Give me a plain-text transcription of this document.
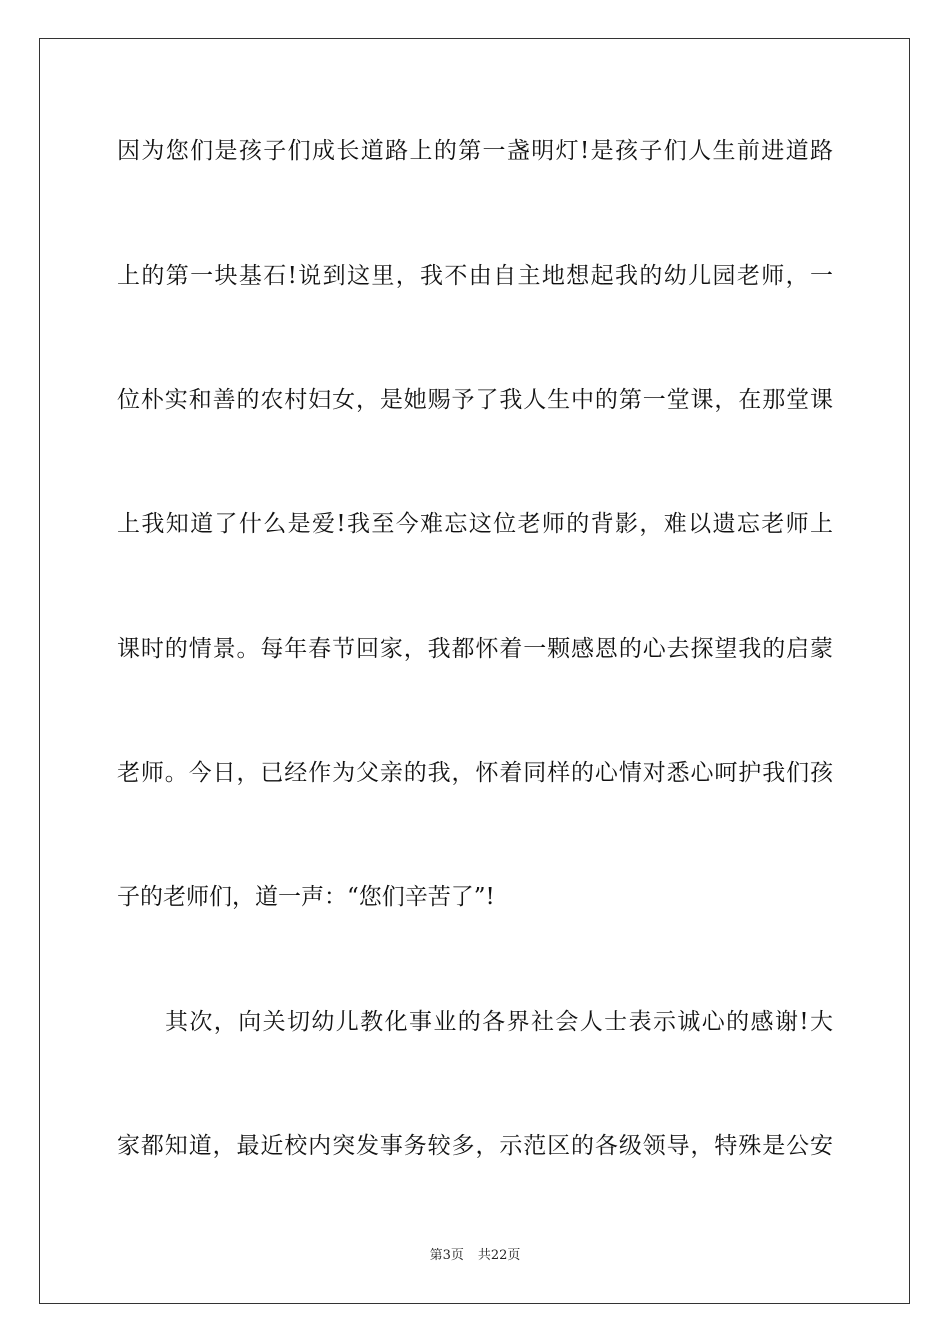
因为您们是孩子们成长道路上的第一盏明灯!是孩子们人生前进道路
上的第一块基石!说到这里，我不由自主地想起我的幼儿园老师，一
位朴实和善的农村妇女，是她赐予了我人生中的第一堂课，在那堂课
上我知道了什么是爱!我至今难忘这位老师的背影，难以遗忘老师上
课时的情景。每年春节回家，我都怀着一颗感恩的心去探望我的启蒙
老师。今日，已经作为父亲的我，怀着同样的心情对悉心呵护我们孩
子的老师们，道一声：“您们辛苦了”!
其次，向关切幼儿教化事业的各界社会人士表示诚心的感谢!大
家都知道，最近校内突发事务较多，示范区的各级领导，特殊是公安
第3页 共22页
